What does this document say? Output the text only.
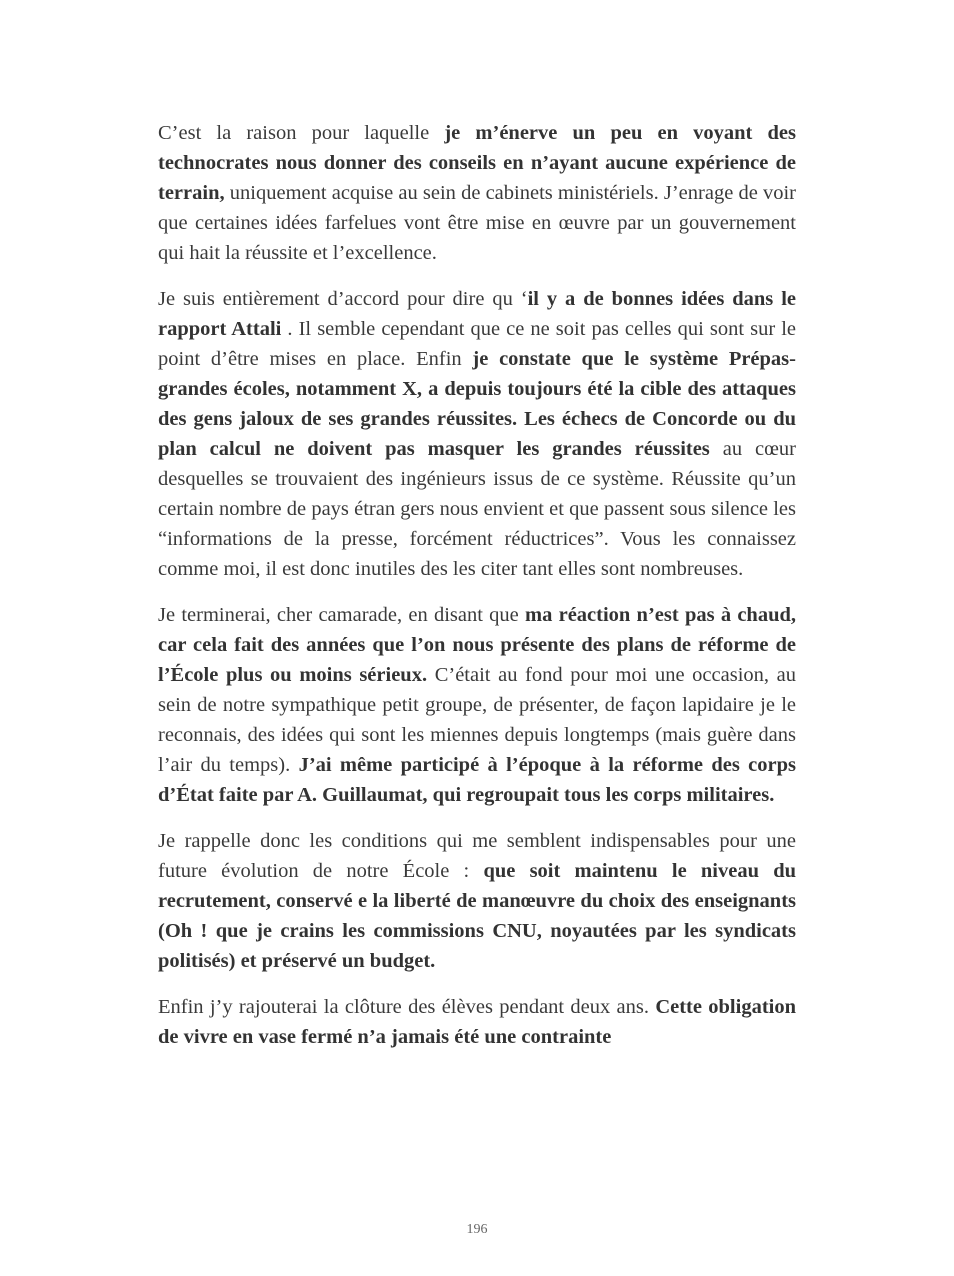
C’est la raison pour laquelle je m’énerve un peu en voyant des technocrates nous donner des conseils en n’ayant aucune expérience de terrain, uniquement acquise au sein de cabinets ministériels. J’enrage de voir que certaines idées farfelues vont être mise en œuvre par un gouvernement qui hait la réussite et l’excellence.

Je suis entièrement d’accord pour dire qu ‘il y a de bonnes idées dans le rapport Attali . Il semble cependant que ce ne soit pas celles qui sont sur le point d’être mises en place. Enfin je constate que le système Prépas-grandes écoles, notamment X, a depuis toujours été la cible des attaques des gens jaloux de ses grandes réussites. Les échecs de Concorde ou du plan calcul ne doivent pas masquer les grandes réussites au cœur desquelles se trouvaient des ingénieurs issus de ce système. Réussite qu’un certain nombre de pays étran gers nous envient et que passent sous silence les “informations de la presse, forcément réductrices”. Vous les connaissez comme moi, il est donc inutiles des les citer tant elles sont nombreuses.

Je terminerai, cher camarade, en disant que ma réaction n’est pas à chaud, car cela fait des années que l’on nous présente des plans de réforme de l’École plus ou moins sérieux. C’était au fond pour moi une occasion, au sein de notre sympathique petit groupe, de présenter, de façon lapidaire je le reconnais, des idées qui sont les miennes depuis longtemps (mais guère dans l’air du temps). J’ai même participé à l’époque à la réforme des corps d’État faite par A. Guillaumat, qui regroupait tous les corps militaires.

Je rappelle donc les conditions qui me semblent indispensables pour une future évolution de notre École : que soit maintenu le niveau du recrutement, conservé e la liberté de manœuvre du choix des enseignants (Oh ! que je crains les commissions CNU, noyautées par les syndicats politisés) et préservé un budget.

Enfin j’y rajouterai la clôture des élèves pendant deux ans. Cette obligation de vivre en vase fermé n’a jamais été une contrainte

196
